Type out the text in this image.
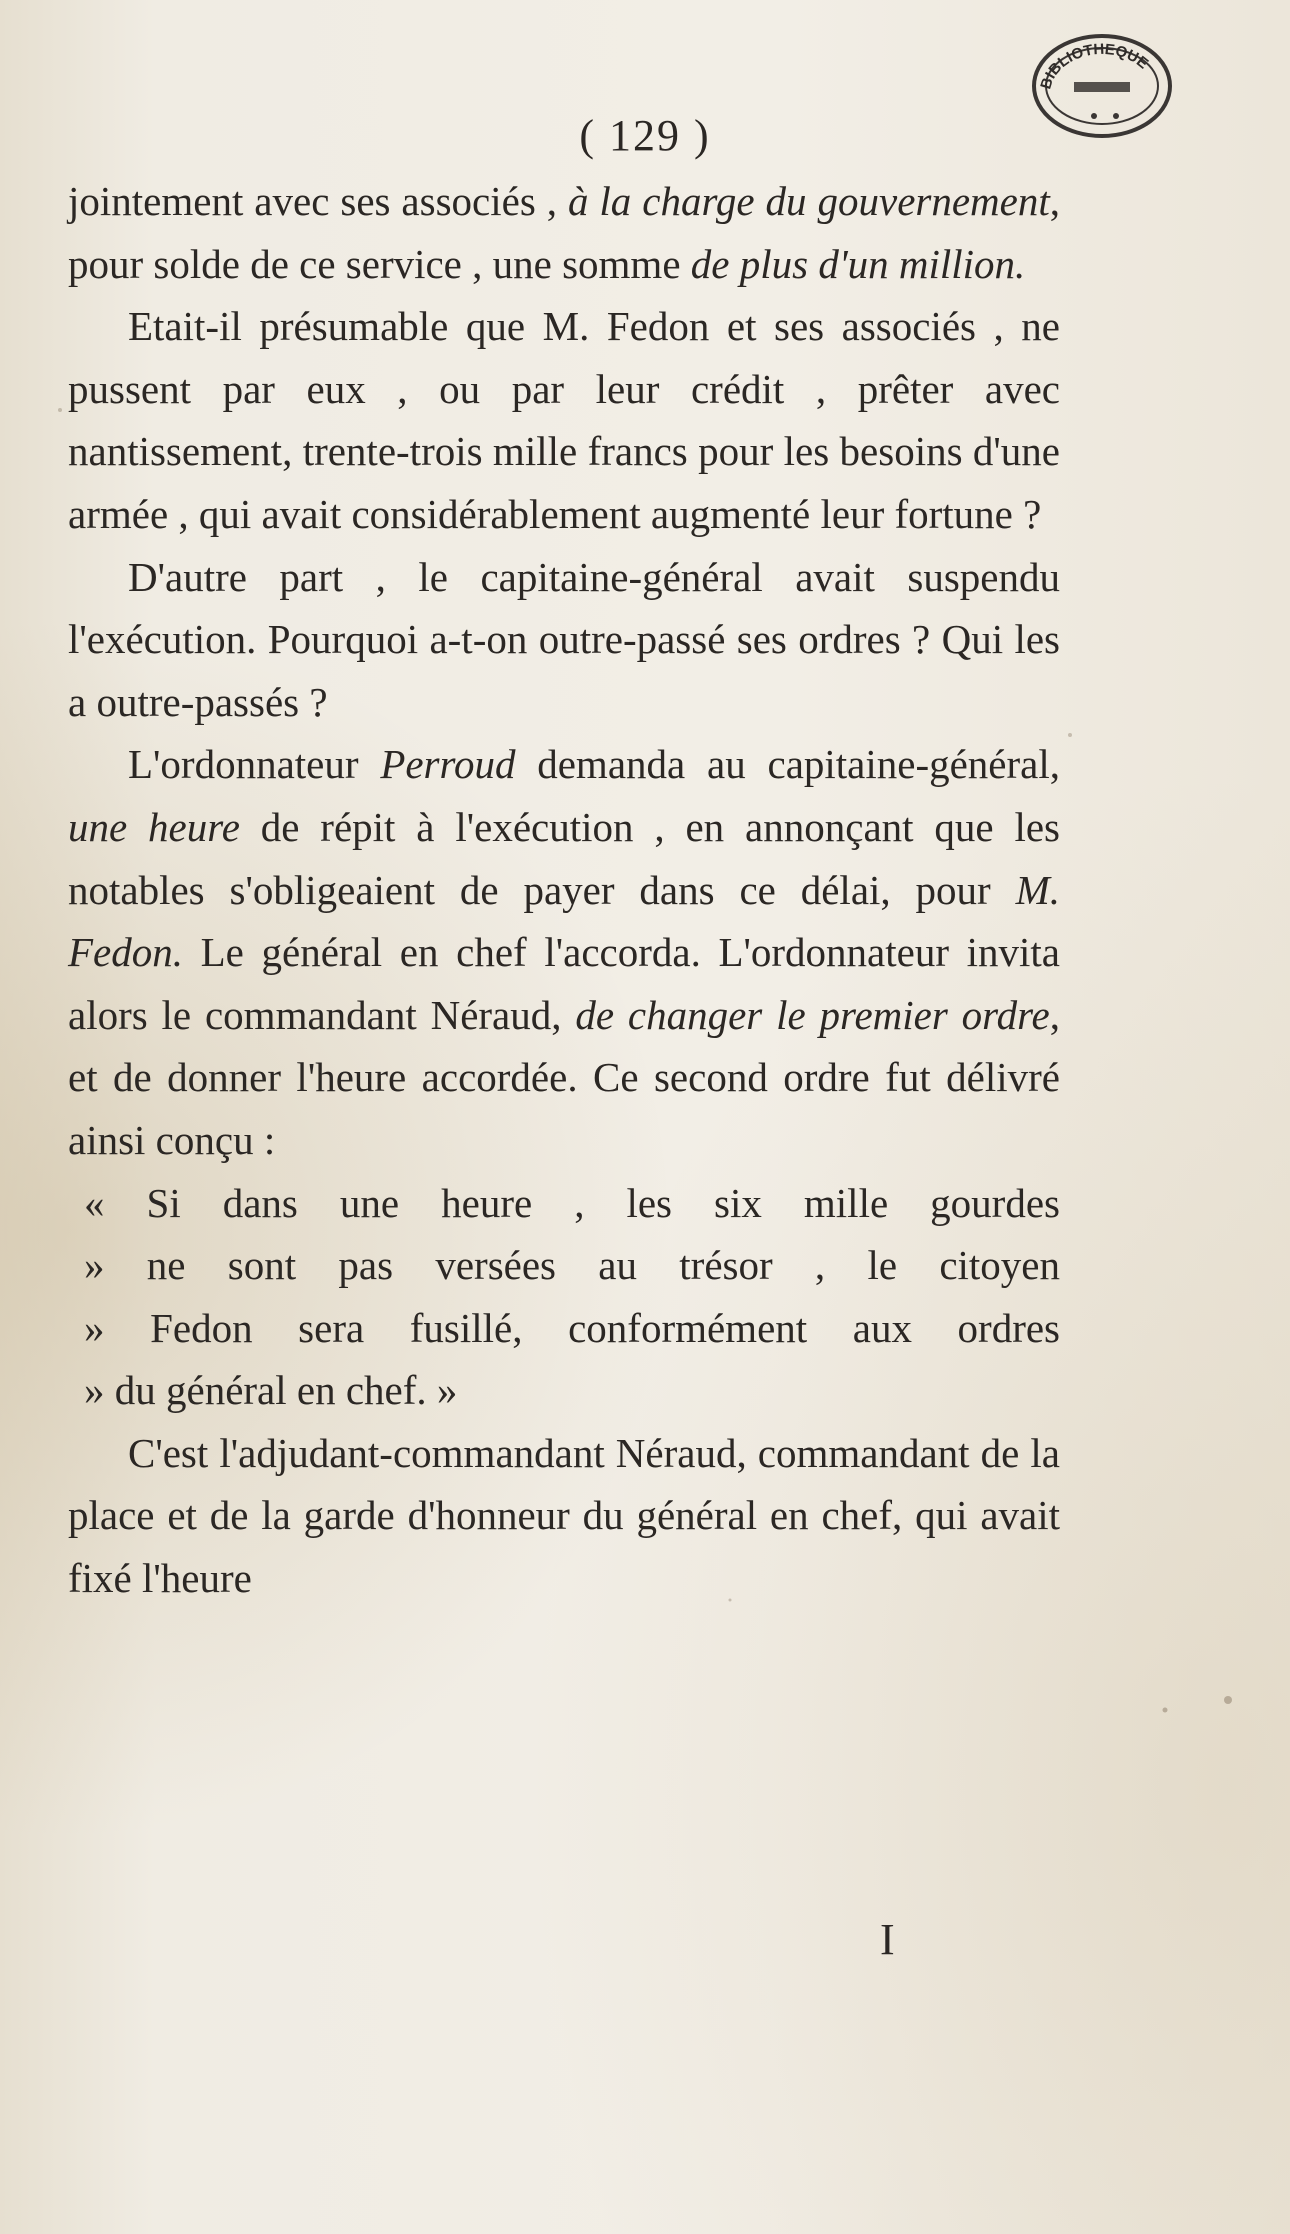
BIBLIOTHEQUE
( 129 )

jointement avec ses associés , à la charge du gouvernement, pour solde de ce service , une somme de plus d'un million.

Etait-il présumable que M. Fedon et ses associés , ne pussent par eux , ou par leur crédit , prêter avec nantissement, trente-trois mille francs pour les besoins d'une armée , qui avait considérablement augmenté leur fortune ?

D'autre part , le capitaine-général avait suspendu l'exécution. Pourquoi a-t-on outre-passé ses ordres ? Qui les a outre-passés ?

L'ordonnateur Perroud demanda au capitaine-général, une heure de répit à l'exécution , en annonçant que les notables s'obligeaient de payer dans ce délai, pour M. Fedon. Le général en chef l'accorda. L'ordonnateur invita alors le commandant Néraud, de changer le premier ordre, et de donner l'heure accordée. Ce second ordre fut délivré ainsi conçu :

« Si dans une heure , les six mille gourdes
» ne sont pas versées au trésor , le citoyen
» Fedon sera fusillé, conformément aux ordres
» du général en chef. »

C'est l'adjudant-commandant Néraud, commandant de la place et de la garde d'honneur du général en chef, qui avait fixé l'heure

I
